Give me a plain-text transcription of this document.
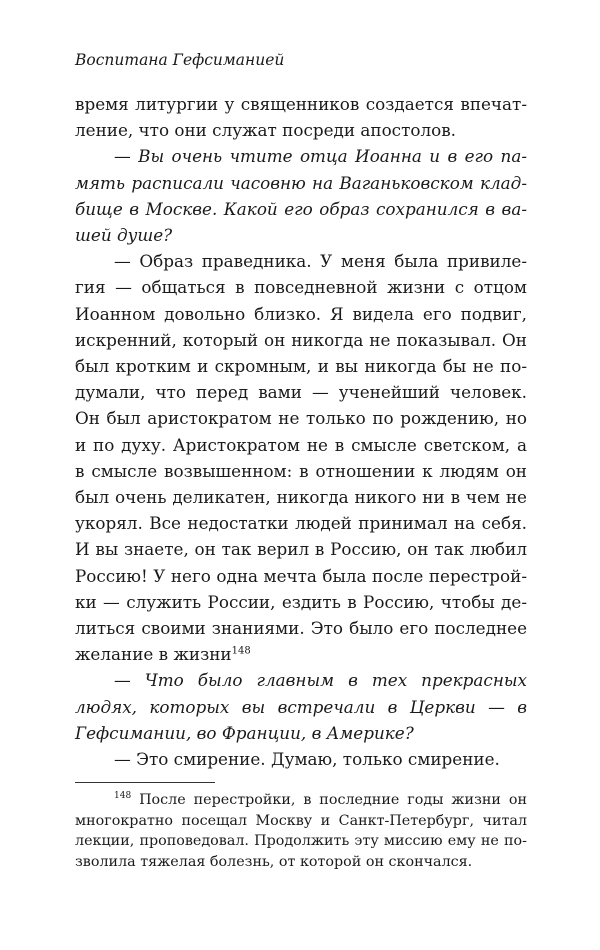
Воспитана Гефсиманией

время литургии у священников создается впечатление, что они служат посреди апостолов.

— Вы очень чтите отца Иоанна и в его память расписали часовню на Ваганьковском кладбище в Москве. Какой его образ сохранился в вашей душе?

— Образ праведника. У меня была привилегия — общаться в повседневной жизни с отцом Иоанном довольно близко. Я видела его подвиг, искренний, который он никогда не показывал. Он был кротким и скромным, и вы никогда бы не подумали, что перед вами — ученейший человек. Он был аристократом не только по рождению, но и по духу. Аристократом не в смысле светском, а в смысле возвышенном: в отношении к людям он был очень деликатен, никогда никого ни в чем не укорял. Все недостатки людей принимал на себя. И вы знаете, он так верил в Россию, он так любил Россию! У него одна мечта была после перестройки — служить России, ездить в Россию, чтобы делиться своими знаниями. Это было его последнее желание в жизни$^{148}$

— Что было главным в тех прекрасных людях, которых вы встречали в Церкви — в Гефсимании, во Франции, в Америке?

— Это смирение. Думаю, только смирение.

$^{148}$ После перестройки, в последние годы жизни он многократно посещал Москву и Санкт-Петербург, читал лекции, проповедовал. Продолжить эту миссию ему не позволила тяжелая болезнь, от которой он скончался.
